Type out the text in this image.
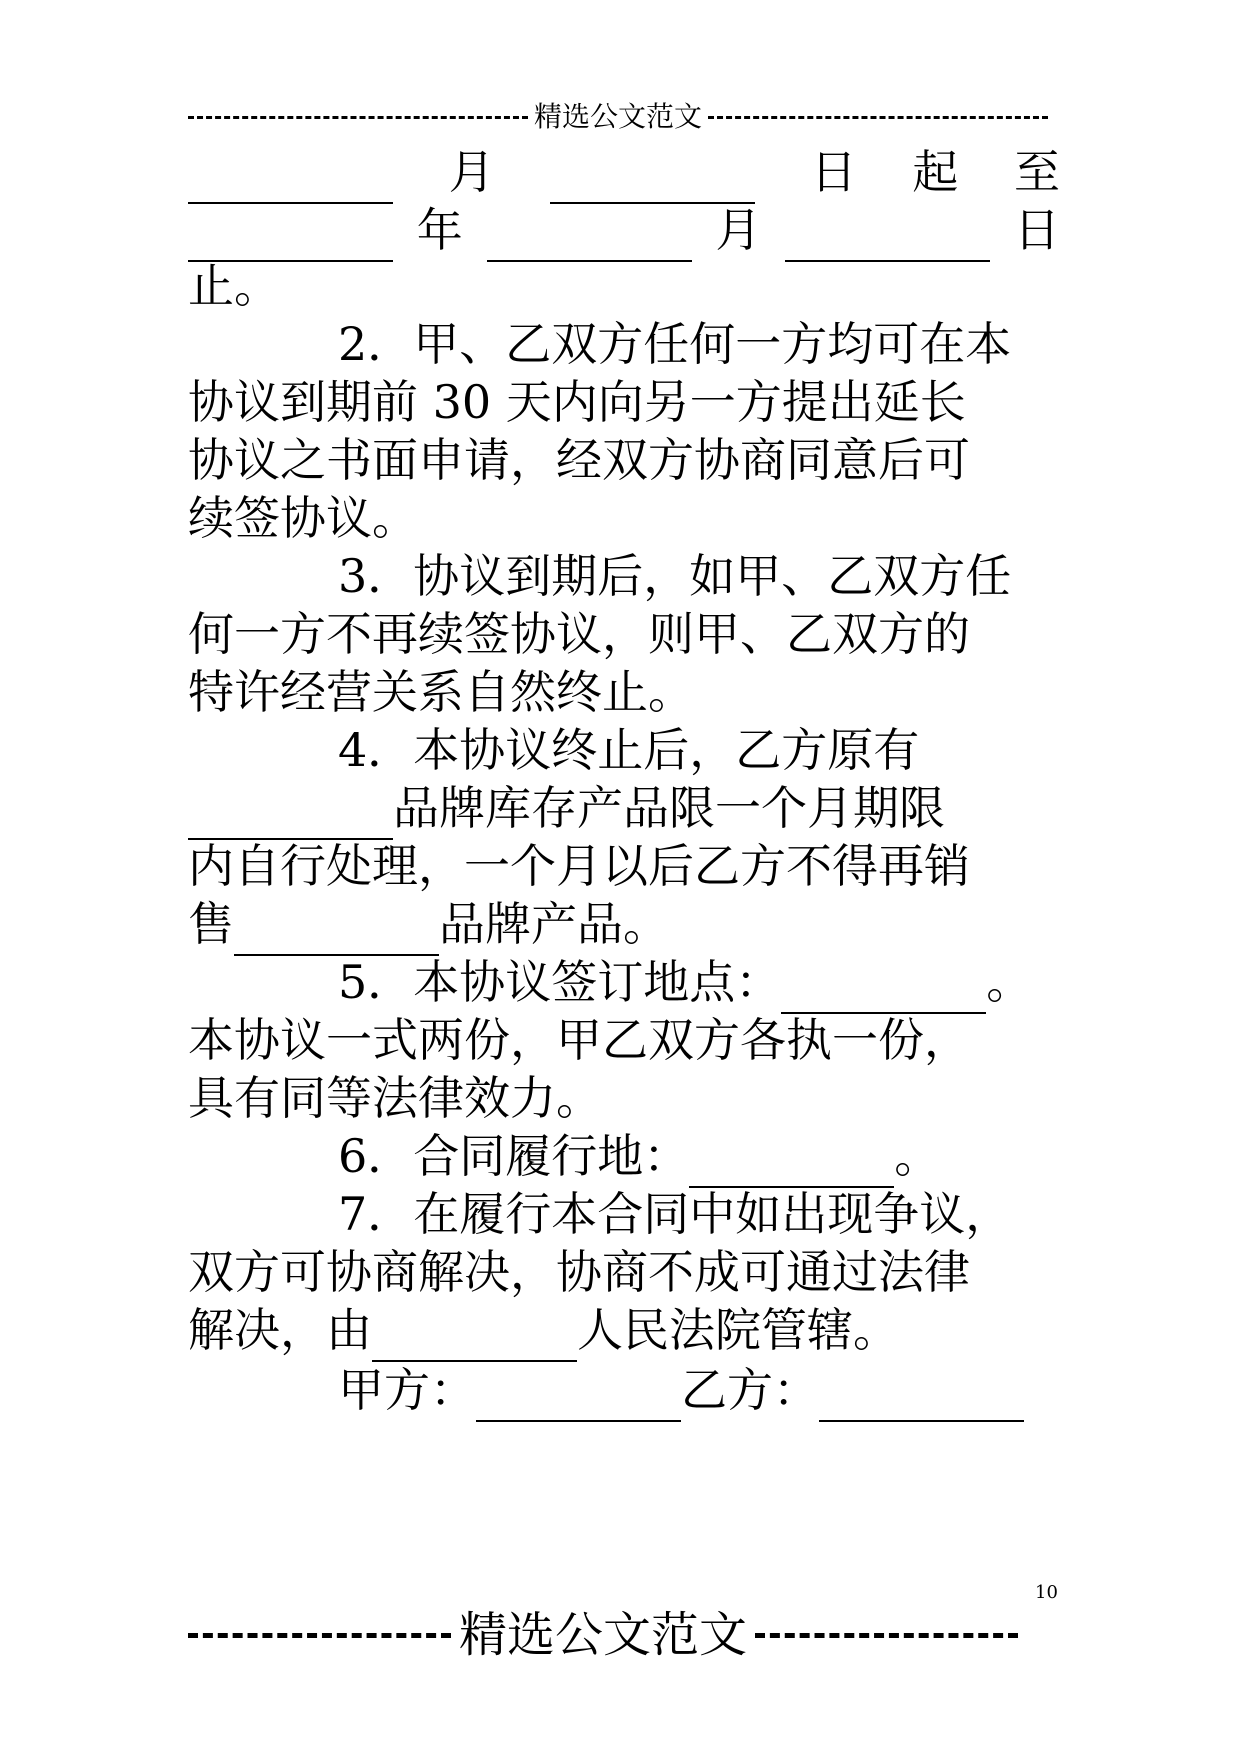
精选公文范文
月	日 起 至
年	月	日
止。
2．甲、乙双方任何一方均可在本
协议到期前 30 天内向另一方提出延长
协议之书面申请，经双方协商同意后可
续签协议。
3．协议到期后，如甲、乙双方任
何一方不再续签协议，则甲、乙双方的
特许经营关系自然终止。
4．本协议终止后，乙方原有
品牌库存产品限一个月期限
内自行处理，一个月以后乙方不得再销
售	品牌产品。
5．本协议签订地点：	。
本协议一式两份，甲乙双方各执一份，
具有同等法律效力。
6．合同履行地：	。
7．在履行本合同中如出现争议，
双方可协商解决，协商不成可通过法律
解决，由	人民法院管辖。
甲方：	乙方：
10
精选公文范文
